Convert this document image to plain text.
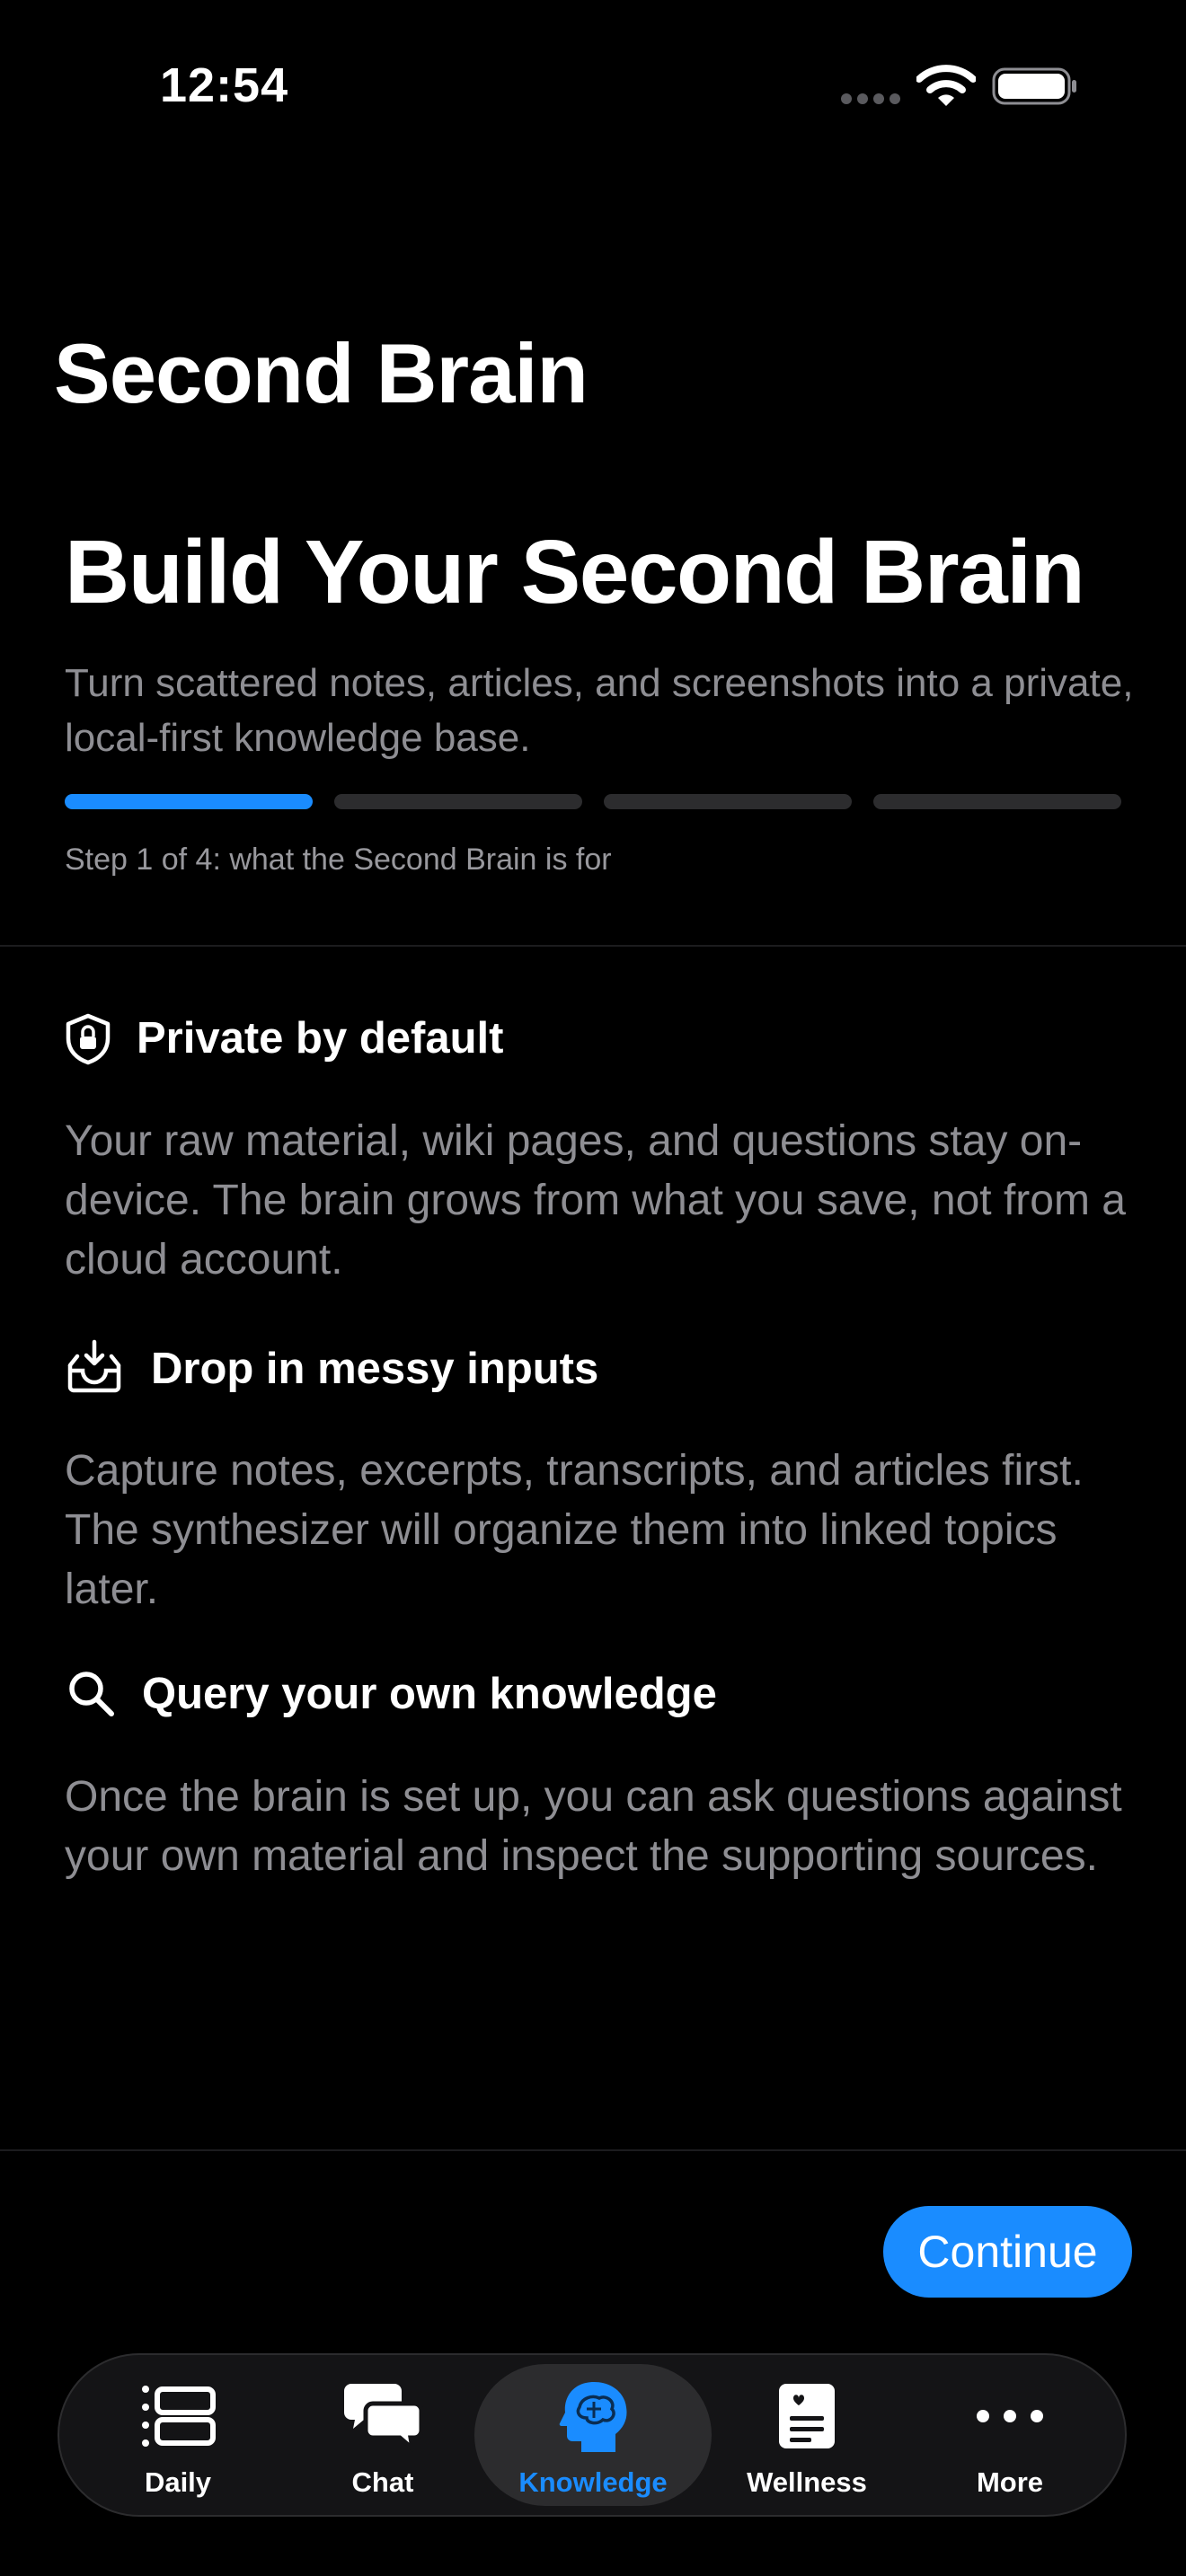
12:54
Second Brain
Build Your Second Brain
Turn scattered notes, articles, and screenshots into a private, local-first knowledge base.
Step 1 of 4: what the Second Brain is for
Private by default
Your raw material, wiki pages, and questions stay on-device. The brain grows from what you save, not from a cloud account.
Drop in messy inputs
Capture notes, excerpts, transcripts, and articles first. The synthesizer will organize them into linked topics later.
Query your own knowledge
Once the brain is set up, you can ask questions against your own material and inspect the supporting sources.
Continue
Daily	Chat	Knowledge	Wellness	More
